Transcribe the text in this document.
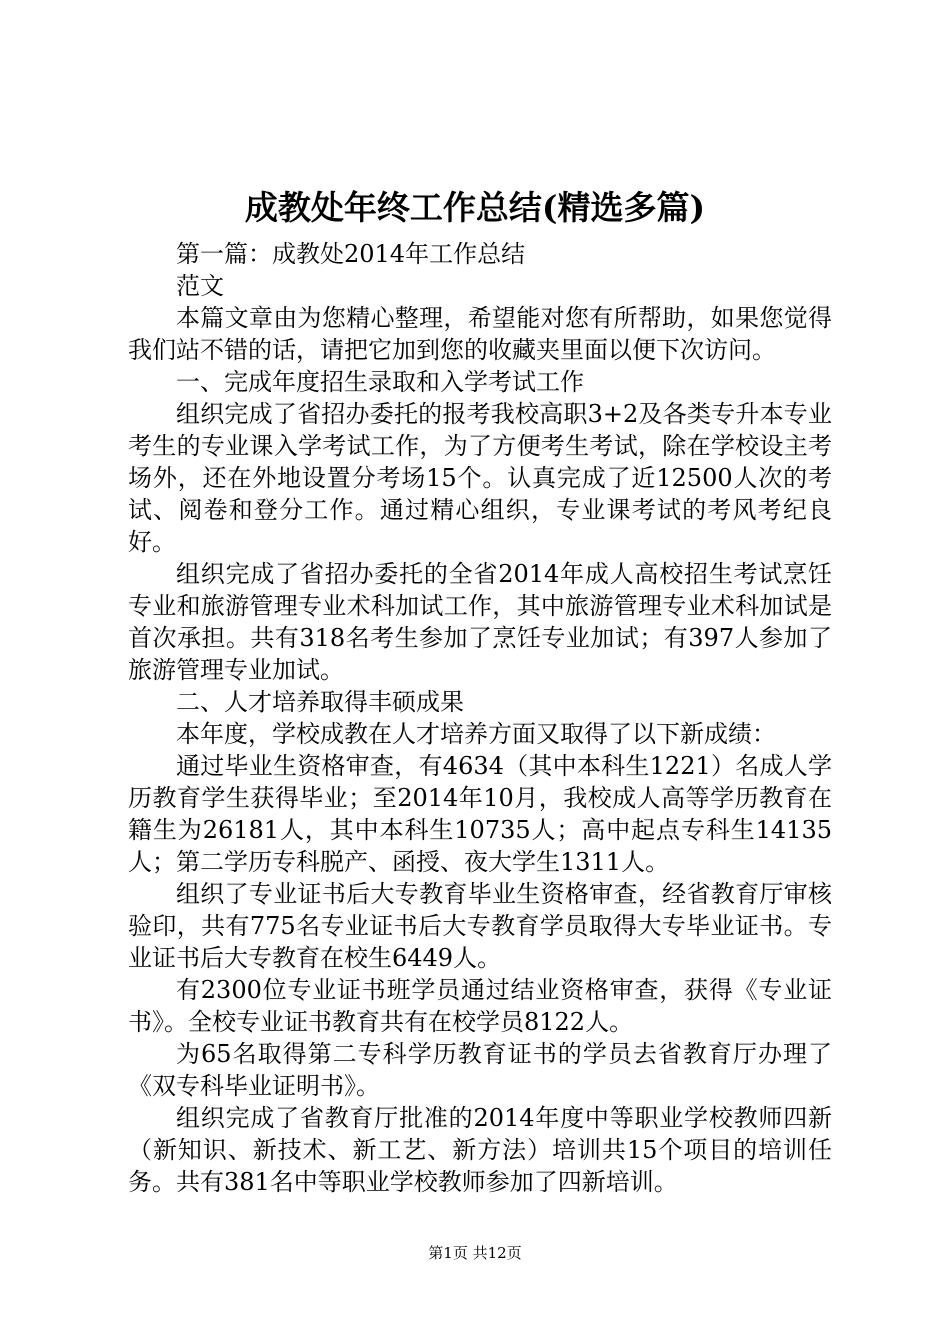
成教处年终工作总结(精选多篇)

第一篇：成教处2014年工作总结

范文

本篇文章由为您精心整理，希望能对您有所帮助，如果您觉得我们站不错的话，请把它加到您的收藏夹里面以便下次访问。

一、完成年度招生录取和入学考试工作

组织完成了省招办委托的报考我校高职3+2及各类专升本专业考生的专业课入学考试工作，为了方便考生考试，除在学校设主考场外，还在外地设置分考场15个。认真完成了近12500人次的考试、阅卷和登分工作。通过精心组织，专业课考试的考风考纪良好。

组织完成了省招办委托的全省2014年成人高校招生考试烹饪专业和旅游管理专业术科加试工作，其中旅游管理专业术科加试是首次承担。共有318名考生参加了烹饪专业加试；有397人参加了旅游管理专业加试。

二、人才培养取得丰硕成果

本年度，学校成教在人才培养方面又取得了以下新成绩：

通过毕业生资格审查，有4634（其中本科生1221）名成人学历教育学生获得毕业；至2014年10月，我校成人高等学历教育在籍生为26181人，其中本科生10735人；高中起点专科生14135人；第二学历专科脱产、函授、夜大学生1311人。

组织了专业证书后大专教育毕业生资格审查，经省教育厅审核验印，共有775名专业证书后大专教育学员取得大专毕业证书。专业证书后大专教育在校生6449人。

有2300位专业证书班学员通过结业资格审查，获得《专业证书》。全校专业证书教育共有在校学员8122人。

为65名取得第二专科学历教育证书的学员去省教育厅办理了《双专科毕业证明书》。

组织完成了省教育厅批准的2014年度中等职业学校教师四新（新知识、新技术、新工艺、新方法）培训共15个项目的培训任务。共有381名中等职业学校教师参加了四新培训。

第1页 共12页
